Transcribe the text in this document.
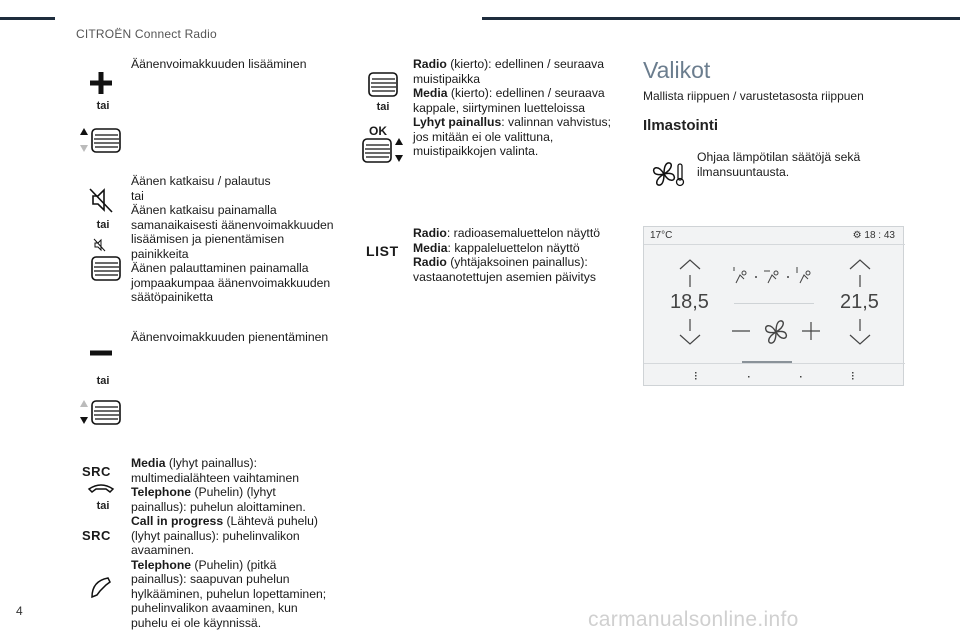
CITROËN Connect Radio
tai
Äänenvoimakkuuden lisääminen
tai
Äänen katkaisu / palautus
tai
Äänen katkaisu painamalla samanaikaisesti äänenvoimakkuuden lisäämisen ja pienentämisen painikkeita
Äänen palauttaminen painamalla jompaakumpaa äänenvoimakkuuden säätöpainiketta
tai
Äänenvoimakkuuden pienentäminen
SRC
tai
SRC
Media (lyhyt painallus): multimedialähteen vaihtaminen
Telephone (Puhelin) (lyhyt painallus): puhelun aloittaminen.
Call in progress (Lähtevä puhelu) (lyhyt painallus): puhelinvalikon avaaminen.
Telephone (Puhelin) (pitkä painallus): saapuvan puhelun hylkääminen, puhelun lopettaminen; puhelinvalikon avaaminen, kun puhelu ei ole käynnissä.
tai
OK
Radio (kierto): edellinen / seuraava muistipaikka
Media (kierto): edellinen / seuraava kappale, siirtyminen luetteloissa
Lyhyt painallus: valinnan vahvistus; jos mitään ei ole valittuna, muistipaikkojen valinta.
LIST
Radio: radioasemaluettelon näyttö
Media: kappaleluettelon näyttö
Radio (yhtäjaksoinen painallus): vastaanotettujen asemien päivitys
Valikot
Mallista riippuen / varustetasosta riippuen
Ilmastointi
Ohjaa lämpötilan säätöjä sekä ilmansuuntausta.
17°C	⚙ 18 : 43
18,5	21,5
4	carmanualsonline.info
